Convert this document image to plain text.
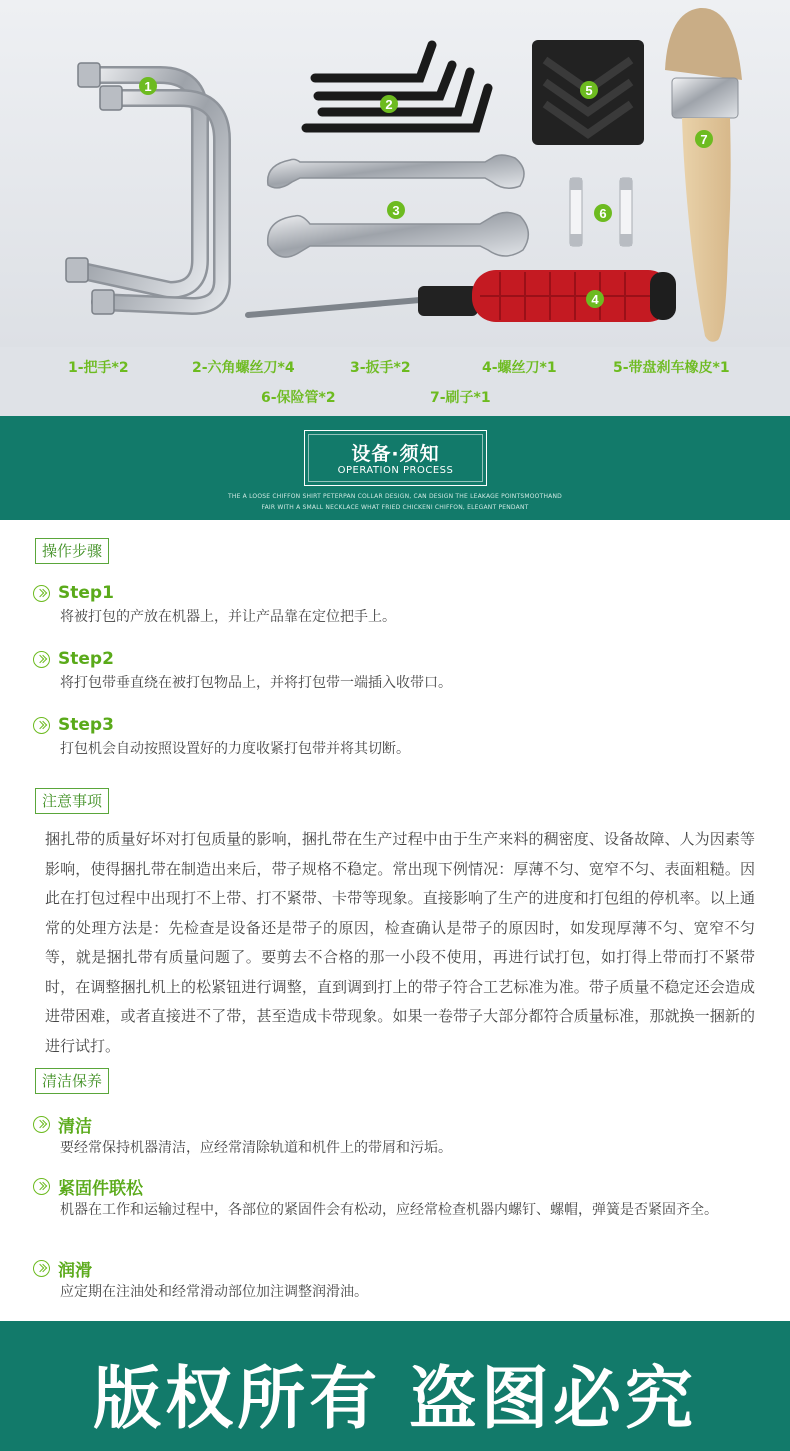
1
2
3
4
5
6
7
1-把手*2	2-六角螺丝刀*4	3-扳手*2	4-螺丝刀*1	5-带盘刹车橡皮*1
6-保险管*2	7-刷子*1
设备·须知
OPERATION PROCESS
THE A LOOSE CHIFFON SHIRT PETERPAN COLLAR DESIGN, CAN DESIGN THE LEAKAGE POINTSMOOTHAND
FAIR WITH A SMALL NECKLACE WHAT FRIED CHICKENI CHIFFON, ELEGANT PENDANT
操作步骤
Step1
将被打包的产放在机器上，并让产品靠在定位把手上。
Step2
将打包带垂直绕在被打包物品上，并将打包带一端插入收带口。
Step3
打包机会自动按照设置好的力度收紧打包带并将其切断。
注意事项
捆扎带的质量好坏对打包质量的影响，捆扎带在生产过程中由于生产来料的稠密度、设备故障、人为因素等影响，使得捆扎带在制造出来后，带子规格不稳定。常出现下例情况：厚薄不匀、宽窄不匀、表面粗糙。因此在打包过程中出现打不上带、打不紧带、卡带等现象。直接影响了生产的进度和打包组的停机率。以上通常的处理方法是：先检查是设备还是带子的原因，检查确认是带子的原因时，如发现厚薄不匀、宽窄不匀等，就是捆扎带有质量问题了。要剪去不合格的那一小段不使用，再进行试打包，如打得上带而打不紧带时，在调整捆扎机上的松紧钮进行调整，直到调到打上的带子符合工艺标准为准。带子质量不稳定还会造成进带困难，或者直接进不了带，甚至造成卡带现象。如果一卷带子大部分都符合质量标准，那就换一捆新的进行试打。
清洁保养
清洁
要经常保持机器清洁，应经常清除轨道和机件上的带屑和污垢。
紧固件联松
机器在工作和运输过程中，各部位的紧固件会有松动，应经常检查机器内螺钉、螺帽，弹簧是否紧固齐全。
润滑
应定期在注油处和经常滑动部位加注调整润滑油。
版权所有 盗图必究
